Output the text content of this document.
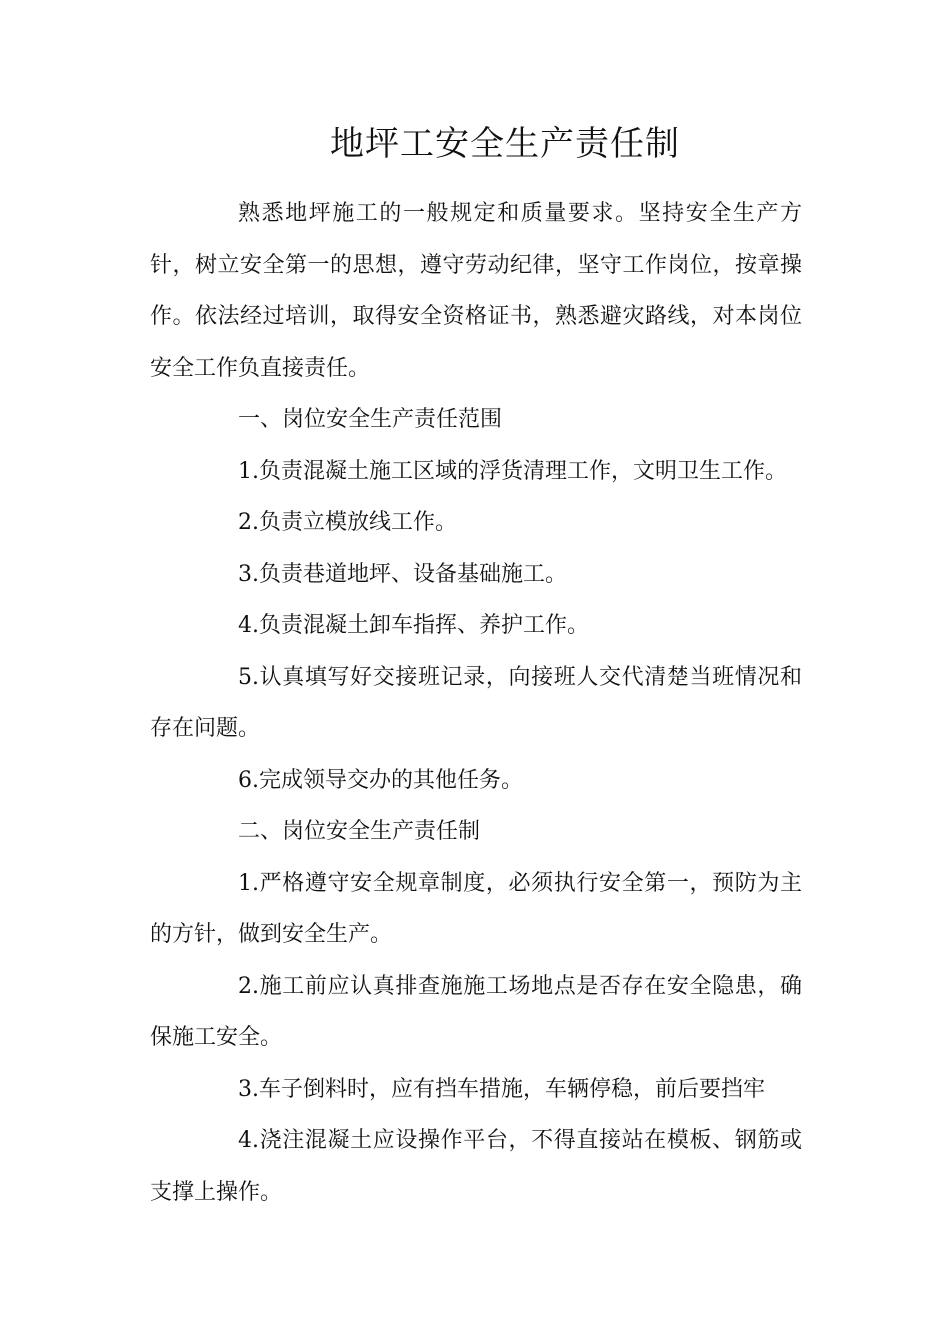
地坪工安全生产责任制

熟悉地坪施工的一般规定和质量要求。坚持安全生产方针，树立安全第一的思想，遵守劳动纪律，坚守工作岗位，按章操作。依法经过培训，取得安全资格证书，熟悉避灾路线，对本岗位安全工作负直接责任。

一、岗位安全生产责任范围

1.负责混凝土施工区域的浮货清理工作，文明卫生工作。

2.负责立模放线工作。

3.负责巷道地坪、设备基础施工。

4.负责混凝土卸车指挥、养护工作。

5.认真填写好交接班记录，向接班人交代清楚当班情况和存在问题。

6.完成领导交办的其他任务。

二、岗位安全生产责任制

1.严格遵守安全规章制度，必须执行安全第一，预防为主的方针，做到安全生产。

2.施工前应认真排查施施工场地点是否存在安全隐患，确保施工安全。

3.车子倒料时，应有挡车措施，车辆停稳，前后要挡牢

4.浇注混凝土应设操作平台，不得直接站在模板、钢筋或支撑上操作。
